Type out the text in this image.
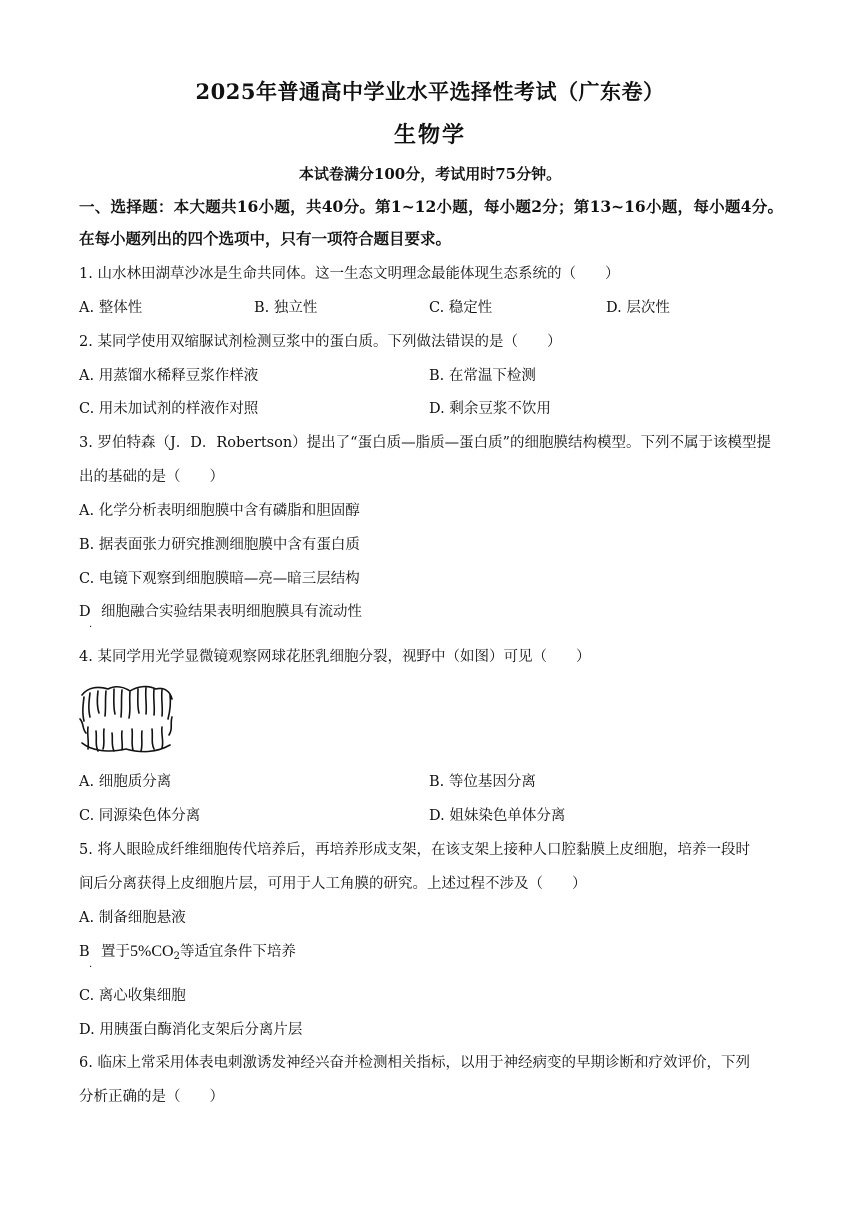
2025年普通高中学业水平选择性考试（广东卷）
生物学
本试卷满分100分，考试用时75分钟。
一、选择题：本大题共16小题，共40分。第1~12小题，每小题2分；第13~16小题，每小题4分。在每小题列出的四个选项中，只有一项符合题目要求。
1. 山水林田湖草沙冰是生命共同体。这一生态文明理念最能体现生态系统的（　　）
A. 整体性	B. 独立性	C. 稳定性	D. 层次性
2. 某同学使用双缩脲试剂检测豆浆中的蛋白质。下列做法错误的是（　　）
A. 用蒸馏水稀释豆浆作样液	B. 在常温下检测
C. 用未加试剂的样液作对照	D. 剩余豆浆不饮用
3. 罗伯特森（J．D．Robertson）提出了“蛋白质—脂质—蛋白质”的细胞膜结构模型。下列不属于该模型提
出的基础的是（　　）
A. 化学分析表明细胞膜中含有磷脂和胆固醇
B. 据表面张力研究推测细胞膜中含有蛋白质
C. 电镜下观察到细胞膜暗—亮—暗三层结构
D
·
细胞融合实验结果表明细胞膜具有流动性
4. 某同学用光学显微镜观察网球花胚乳细胞分裂，视野中（如图）可见（　　）
A. 细胞质分离	B. 等位基因分离
C. 同源染色体分离	D. 姐妹染色单体分离
5. 将人眼睑成纤维细胞传代培养后，再培养形成支架，在该支架上接种人口腔黏膜上皮细胞，培养一段时
间后分离获得上皮细胞片层，可用于人工角膜的研究。上述过程不涉及（　　）
A. 制备细胞悬液
B
·
置于$5\%CO_2$等适宜条件下培养
C. 离心收集细胞
D. 用胰蛋白酶消化支架后分离片层
6. 临床上常采用体表电刺激诱发神经兴奋并检测相关指标，以用于神经病变的早期诊断和疗效评价，下列
分析正确的是（　　）
